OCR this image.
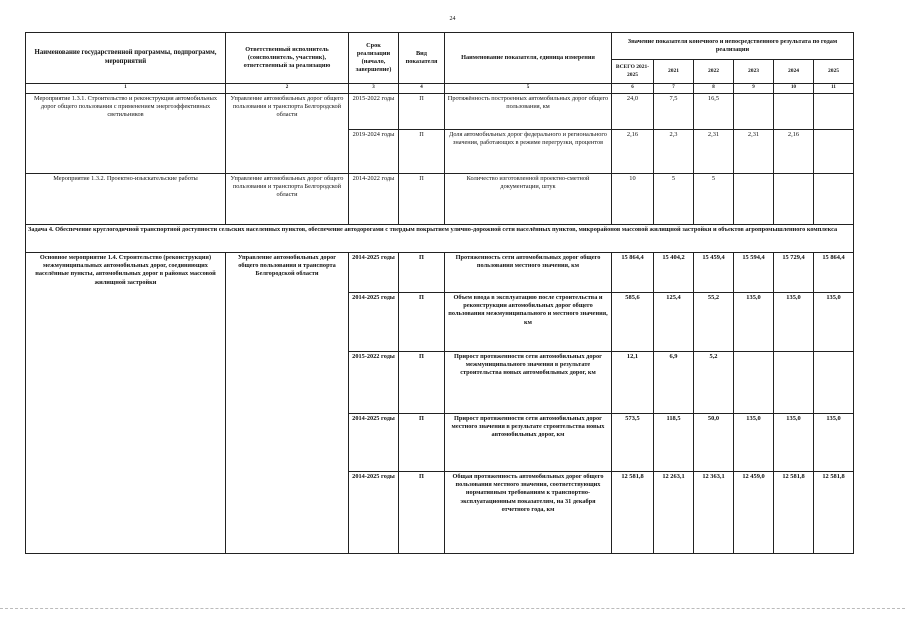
24
Наименование государственной программы, подпрограмм, мероприятий	Ответственный исполнитель (соисполнитель, участник), ответственный за реализацию	Срок реализации (начало, завершение)	Вид показателя	Наименование показателя, единица измерения	Значение показателя конечного и непосредственного результата по годам реализации					
					ВСЕГО 2021-2025	2021	2022	2023	2024	2025
1	2	3	4	5	6	7	8	9	10	11
Мероприятие 1.3.1. Строительство и реконструкция автомобильных дорог общего пользования с применением энергоэффективных светильников	Управление автомобильных дорог общего пользования и транспорта Белгородской области	2015-2022 годы	П	Протяжённость построенных автомобильных дорог общего пользования, км	24,0	7,5	16,5			
		2019-2024 годы	П	Доля автомобильных дорог федерального и регионального значения, работающих в режиме перегрузки, процентов	2,16	2,3	2,31	2,31	2,16	
Мероприятие 1.3.2. Проектно-изыскательские работы	Управление автомобильных дорог общего пользования и транспорта Белгородской области	2014-2022 годы	П	Количество изготовленной проектно-сметной документации, штук	10	5	5			
Задача 4. Обеспечение круглогодичной транспортной доступности сельских населенных пунктов, обеспечение автодорогами с твердым покрытием улично-дорожной сети населённых пунктов, микрорайонов массовой жилищной застройки и объектов агропромышленного комплекса										
Основное мероприятие 1.4. Строительство (реконструкция) межмуниципальных автомобильных дорог, соединяющих населённые пункты, автомобильных дорог в районах массовой жилищной застройки	Управление автомобильных дорог общего пользования и транспорта Белгородской области	2014-2025 годы	П	Протяженность сети автомобильных дорог общего пользования местного значения, км	15 864,4	15 404,2	15 459,4	15 594,4	15 729,4	15 864,4
		2014-2025 годы	П	Объем ввода в эксплуатацию после строительства и реконструкции автомобильных дорог общего пользования межмуниципального и местного значения, км	585,6	125,4	55,2	135,0	135,0	135,0
		2015-2022 годы	П	Прирост протяженности сети автомобильных дорог межмуниципального значения в результате строительства новых автомобильных дорог, км	12,1	6,9	5,2			
		2014-2025 годы	П	Прирост протяженности сети автомобильных дорог местного значения в результате строительства новых автомобильных дорог, км	573,5	118,5	50,0	135,0	135,0	135,0
		2014-2025 годы	П	Общая протяженность автомобильных дорог общего пользования местного значения, соответствующих нормативным требованиям к транспортно-эксплуатационным показателям, на 31 декабря отчетного года, км	12 581,8	12 263,1	12 363,1	12 459,0	12 581,8	12 581,8
